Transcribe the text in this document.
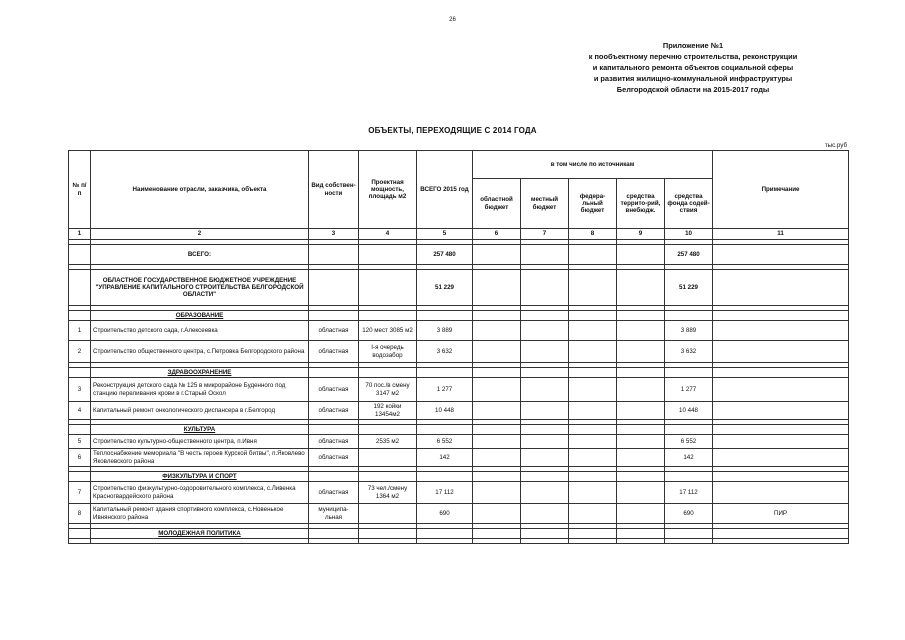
26
Приложение №1
к пообъектному перечню строительства, реконструкции
и капитального ремонта объектов социальной сферы
и развития жилищно-коммунальной инфраструктуры
Белгородской области на 2015-2017 годы
ОБЪЕКТЫ, ПЕРЕХОДЯЩИЕ С 2014 ГОДА
тыс.руб
№ п/п	Наименование отрасли, заказчика, объекта	Вид собствен-ности	Проектная мощность, площадь м2	ВСЕГО 2015 год	в том числе по источникам					Примечание
					областной бюджет	местный бюджет	федера-льный бюджет	средства террито-рий, внебюдж.	средства фонда содей-ствия	
1	2	3	4	5	6	7	8	9	10	11

	ВСЕГО:			257 480					257 480	

	ОБЛАСТНОЕ ГОСУДАРСТВЕННОЕ БЮДЖЕТНОЕ УЧРЕЖДЕНИЕ "УПРАВЛЕНИЕ КАПИТАЛЬНОГО СТРОИТЕЛЬСТВА БЕЛГОРОДСКОЙ ОБЛАСТИ"			51 229					51 229	

	ОБРАЗОВАНИЕ									
1	Строительство детского сада, г.Алексеевка	областная	120 мест 3085 м2	3 889					3 889	
2	Строительство общественного центра, с.Петровка Белгородского района	областная	I-я очередь водозабор	3 632					3 632	

	ЗДРАВООХРАНЕНИЕ									
3	Реконструкция детского сада № 125 в микрорайоне Буденного под станцию переливания крови в г.Старый Оскол	областная	70 пос./в смену 3147 м2	1 277					1 277	
4	Капитальный ремонт онкологического диспансера в г.Белгород	областная	192 койки 13454м2	10 448					10 448	

	КУЛЬТУРА									
5	Строительство культурно-общественного центра, п.Ивня	областная	2535 м2	6 552					6 552	
6	Теплоснабжение мемориала "В честь героев Курской битвы", п.Яковлево Яковлевского района	областная		142					142	

	ФИЗКУЛЬТУРА И СПОРТ									
7	Строительство физкультурно-оздоровительного комплекса, с.Ливенка Красногвардейского района	областная	73 чел./смену 1364 м2	17 112					17 112	
8	Капитальный ремонт здания спортивного комплекса, с.Новенькое Ивнянского района	муниципа-льная		690					690	ПИР

	МОЛОДЕЖНАЯ ПОЛИТИКА									
